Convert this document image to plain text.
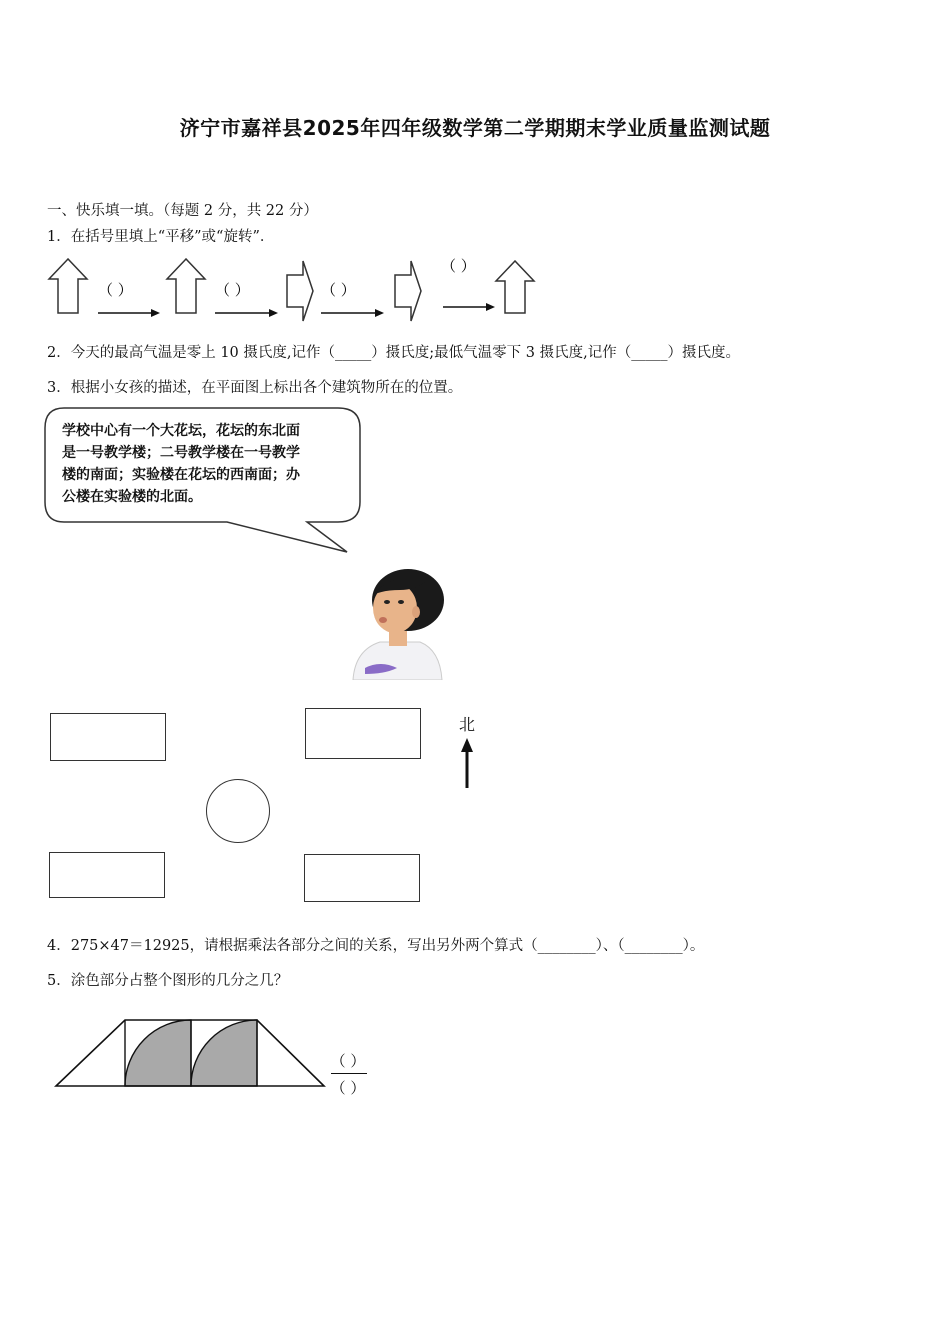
济宁市嘉祥县2025年四年级数学第二学期期末学业质量监测试题
一、快乐填一填。（每题 2 分，共 22 分）
1．在括号里填上“平移”或“旋转”．
（ ）	（ ）	（ ）
（ ）
2．今天的最高气温是零上 10 摄氏度,记作（_____）摄氏度;最低气温零下 3 摄氏度,记作（_____）摄氏度。
3．根据小女孩的描述，在平面图上标出各个建筑物所在的位置。
学校中心有一个大花坛，花坛的东北面
是一号教学楼；二号教学楼在一号教学
楼的南面；实验楼在花坛的西南面；办
公楼在实验楼的北面。
北
4．275×47＝12925，请根据乘法各部分之间的关系，写出另外两个算式（________）、（________）。
5．涂色部分占整个图形的几分之几？
（ ）
（ ）
